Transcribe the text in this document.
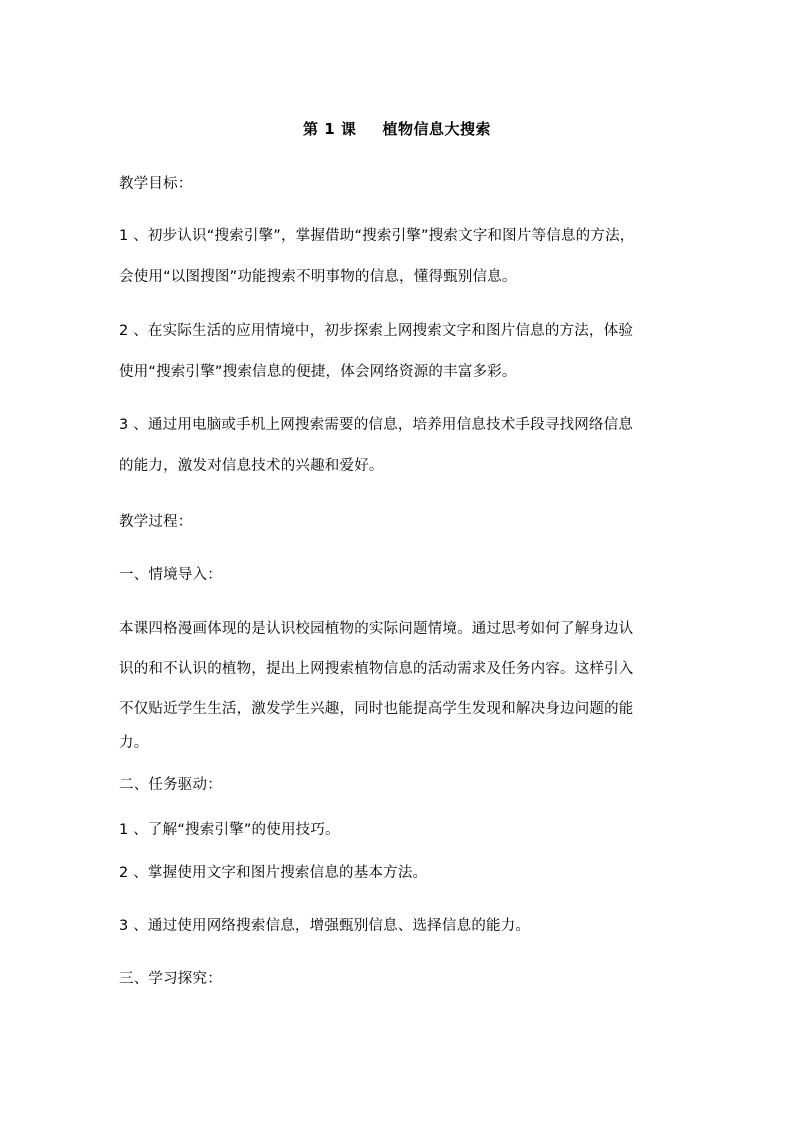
第 1 课 植物信息大搜索
教学目标：
1 、初步认识“搜索引擎”，掌握借助“搜索引擎”搜索文字和图片等信息的方法，
会使用“以图搜图”功能搜索不明事物的信息，懂得甄别信息。
2 、在实际生活的应用情境中，初步探索上网搜索文字和图片信息的方法，体验
使用“搜索引擎”搜索信息的便捷，体会网络资源的丰富多彩。
3 、通过用电脑或手机上网搜索需要的信息，培养用信息技术手段寻找网络信息
的能力，激发对信息技术的兴趣和爱好。
教学过程：
一、情境导入：
本课四格漫画体现的是认识校园植物的实际问题情境。通过思考如何了解身边认
识的和不认识的植物，提出上网搜索植物信息的活动需求及任务内容。这样引入
不仅贴近学生生活，激发学生兴趣，同时也能提高学生发现和解决身边问题的能
力。
二、任务驱动：
1 、了解“搜索引擎”的使用技巧。
2 、掌握使用文字和图片搜索信息的基本方法。
3 、通过使用网络搜索信息，增强甄别信息、选择信息的能力。
三、学习探究：
